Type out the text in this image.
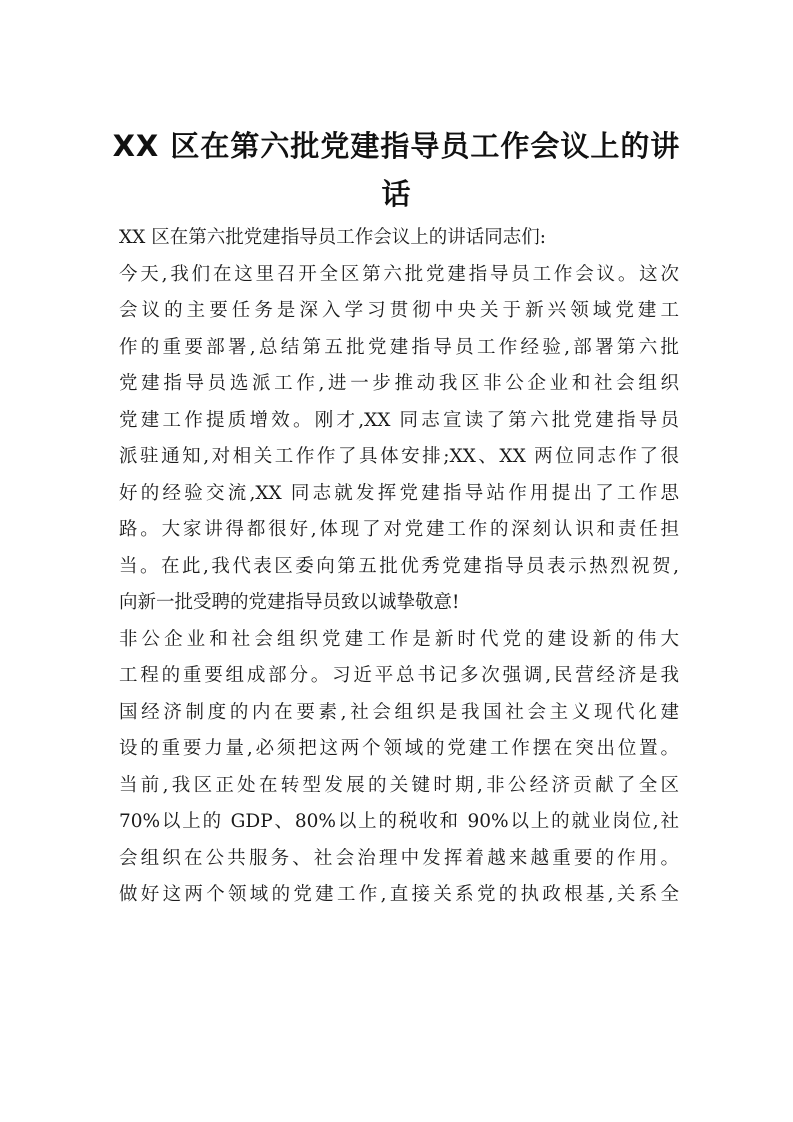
XX 区在第六批党建指导员工作会议上的讲
话
XX 区在第六批党建指导员工作会议上的讲话同志们:
今天,我们在这里召开全区第六批党建指导员工作会议。这次
会议的主要任务是深入学习贯彻中央关于新兴领域党建工
作的重要部署,总结第五批党建指导员工作经验,部署第六批
党建指导员选派工作,进一步推动我区非公企业和社会组织
党建工作提质增效。刚才,XX 同志宣读了第六批党建指导员
派驻通知,对相关工作作了具体安排;XX、XX 两位同志作了很
好的经验交流,XX 同志就发挥党建指导站作用提出了工作思
路。大家讲得都很好,体现了对党建工作的深刻认识和责任担
当。在此,我代表区委向第五批优秀党建指导员表示热烈祝贺,
向新一批受聘的党建指导员致以诚挚敬意!
非公企业和社会组织党建工作是新时代党的建设新的伟大
工程的重要组成部分。习近平总书记多次强调,民营经济是我
国经济制度的内在要素,社会组织是我国社会主义现代化建
设的重要力量,必须把这两个领域的党建工作摆在突出位置。
当前,我区正处在转型发展的关键时期,非公经济贡献了全区
70%以上的 GDP、80%以上的税收和 90%以上的就业岗位,社
会组织在公共服务、社会治理中发挥着越来越重要的作用。
做好这两个领域的党建工作,直接关系党的执政根基,关系全
